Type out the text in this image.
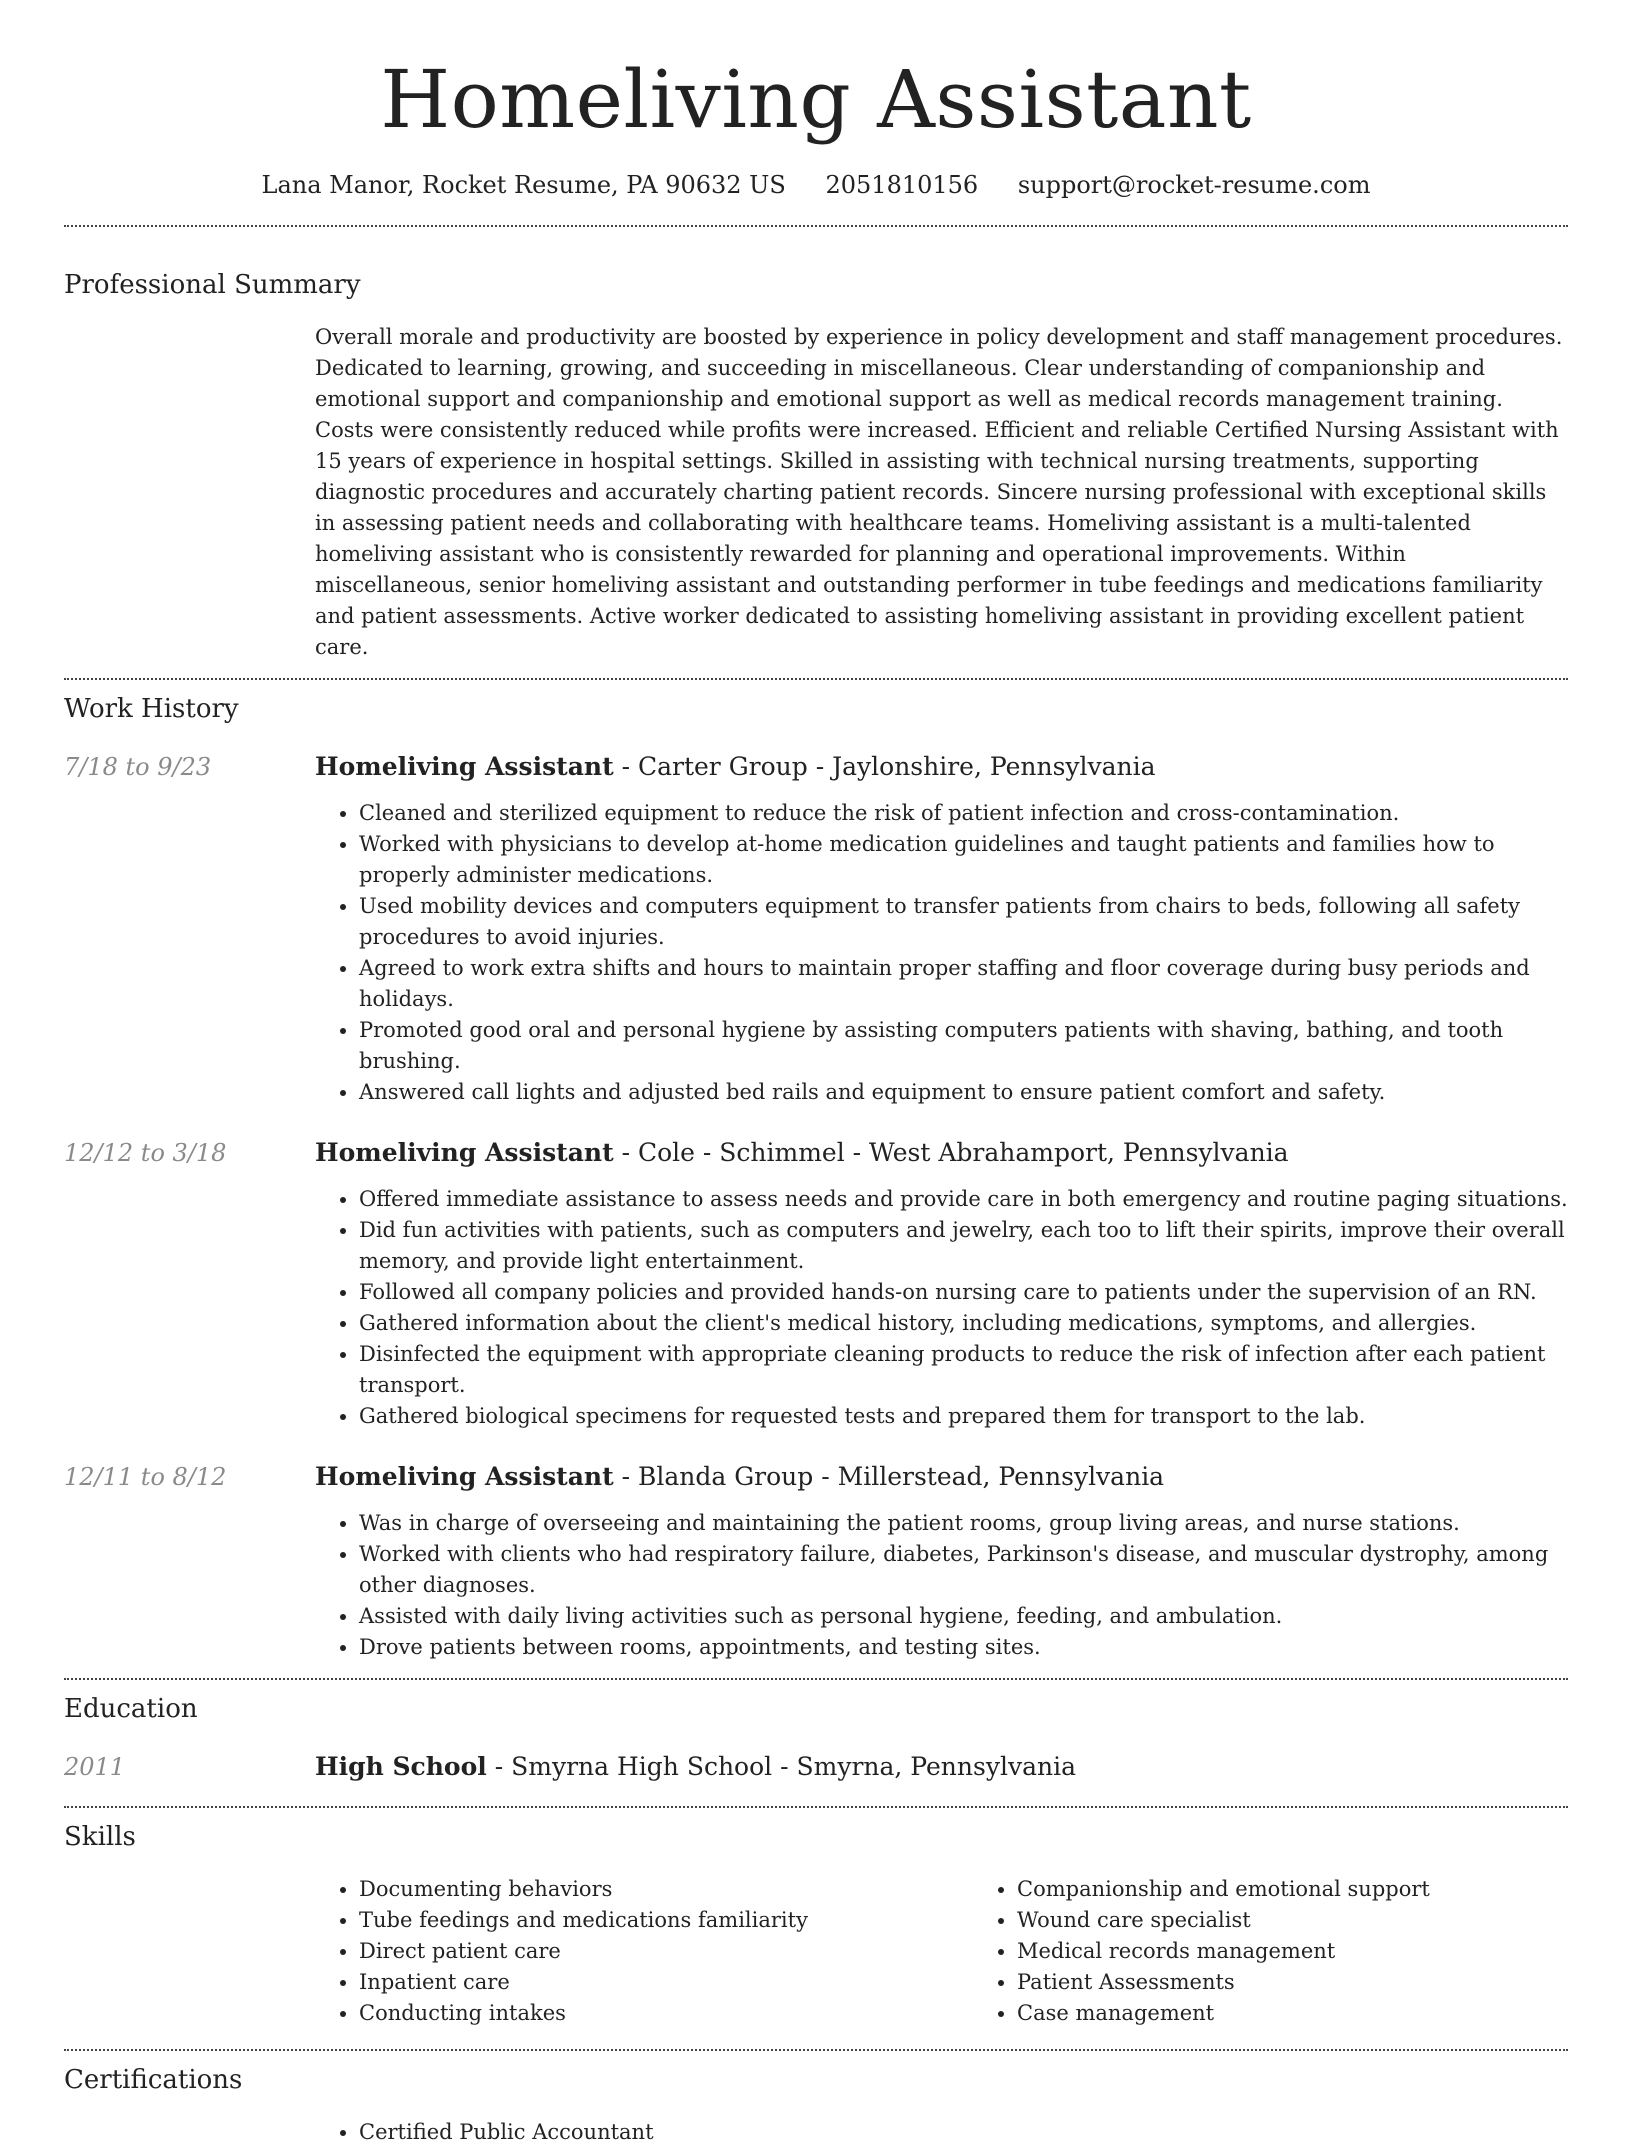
Homeliving Assistant
Lana Manor, Rocket Resume, PA 90632 US 2051810156 support@rocket-resume.com
Professional Summary

Overall morale and productivity are boosted by experience in policy development and staff management procedures. Dedicated to learning, growing, and succeeding in miscellaneous. Clear understanding of companionship and emotional support and companionship and emotional support as well as medical records management training. Costs were consistently reduced while profits were increased. Efficient and reliable Certified Nursing Assistant with 15 years of experience in hospital settings. Skilled in assisting with technical nursing treatments, supporting diagnostic procedures and accurately charting patient records. Sincere nursing professional with exceptional skills in assessing patient needs and collaborating with healthcare teams. Homeliving assistant is a multi-talented homeliving assistant who is consistently rewarded for planning and operational improvements. Within miscellaneous, senior homeliving assistant and outstanding performer in tube feedings and medications familiarity and patient assessments. Active worker dedicated to assisting homeliving assistant in providing excellent patient care.

Work History
7/18 to 9/23	Homeliving Assistant - Carter Group - Jaylonshire, Pennsylvania
• Cleaned and sterilized equipment to reduce the risk of patient infection and cross-contamination.
• Worked with physicians to develop at-home medication guidelines and taught patients and families how to properly administer medications.
• Used mobility devices and computers equipment to transfer patients from chairs to beds, following all safety procedures to avoid injuries.
• Agreed to work extra shifts and hours to maintain proper staffing and floor coverage during busy periods and holidays.
• Promoted good oral and personal hygiene by assisting computers patients with shaving, bathing, and tooth brushing.
• Answered call lights and adjusted bed rails and equipment to ensure patient comfort and safety.
12/12 to 3/18	Homeliving Assistant - Cole - Schimmel - West Abrahamport, Pennsylvania
• Offered immediate assistance to assess needs and provide care in both emergency and routine paging situations.
• Did fun activities with patients, such as computers and jewelry, each too to lift their spirits, improve their overall memory, and provide light entertainment.
• Followed all company policies and provided hands-on nursing care to patients under the supervision of an RN.
• Gathered information about the client's medical history, including medications, symptoms, and allergies.
• Disinfected the equipment with appropriate cleaning products to reduce the risk of infection after each patient transport.
• Gathered biological specimens for requested tests and prepared them for transport to the lab.
12/11 to 8/12	Homeliving Assistant - Blanda Group - Millerstead, Pennsylvania
• Was in charge of overseeing and maintaining the patient rooms, group living areas, and nurse stations.
• Worked with clients who had respiratory failure, diabetes, Parkinson's disease, and muscular dystrophy, among other diagnoses.
• Assisted with daily living activities such as personal hygiene, feeding, and ambulation.
• Drove patients between rooms, appointments, and testing sites.
Education
2011	High School - Smyrna High School - Smyrna, Pennsylvania
Skills
• Documenting behaviors
• Tube feedings and medications familiarity
• Direct patient care
• Inpatient care
• Conducting intakes
• Companionship and emotional support
• Wound care specialist
• Medical records management
• Patient Assessments
• Case management
Certifications
• Certified Public Accountant
